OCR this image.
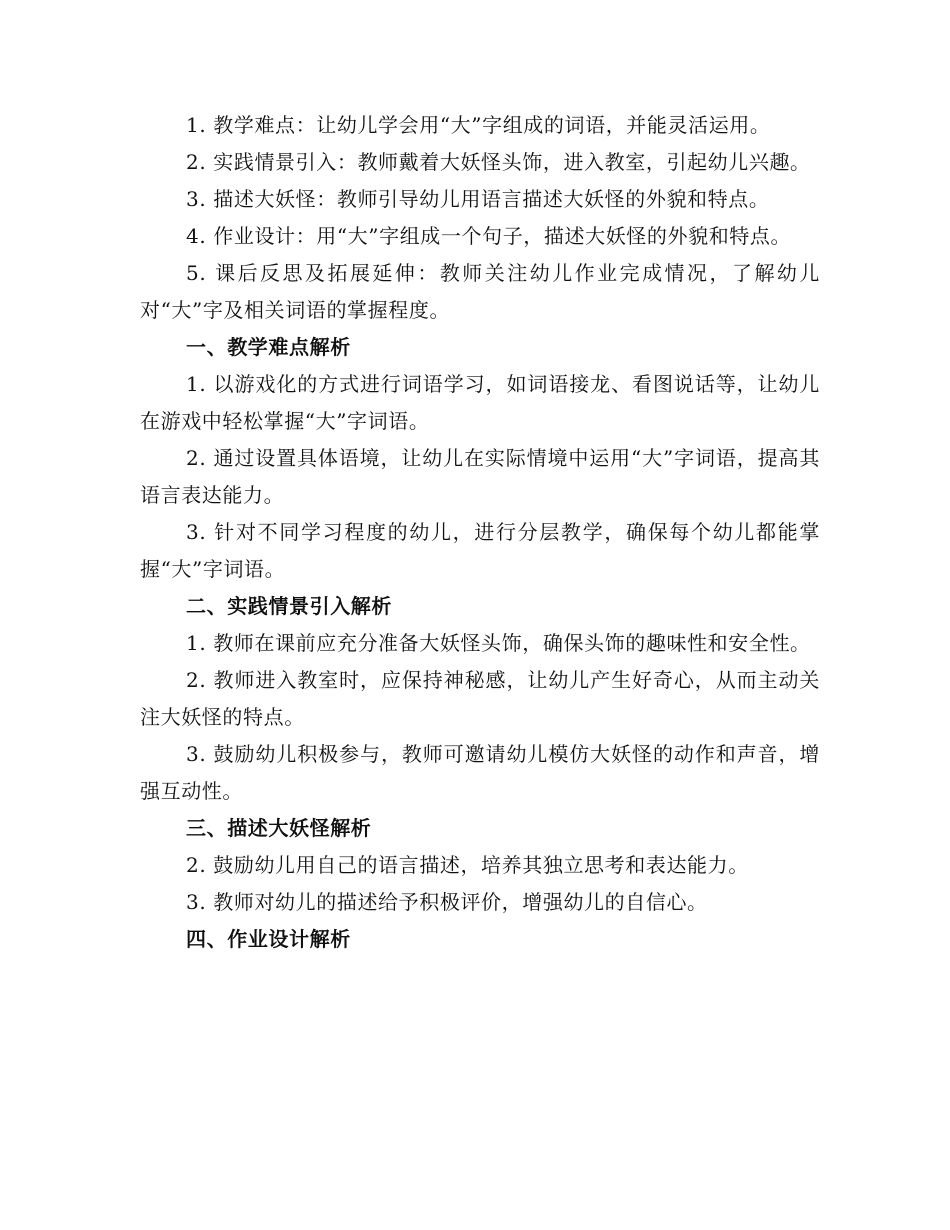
1. 教学难点：让幼儿学会用“大”字组成的词语，并能灵活运用。

2. 实践情景引入：教师戴着大妖怪头饰，进入教室，引起幼儿兴趣。

3. 描述大妖怪：教师引导幼儿用语言描述大妖怪的外貌和特点。

4. 作业设计：用“大”字组成一个句子，描述大妖怪的外貌和特点。

5. 课后反思及拓展延伸：教师关注幼儿作业完成情况，了解幼儿对“大”字及相关词语的掌握程度。

一、教学难点解析

1. 以游戏化的方式进行词语学习，如词语接龙、看图说话等，让幼儿在游戏中轻松掌握“大”字词语。

2. 通过设置具体语境，让幼儿在实际情境中运用“大”字词语，提高其语言表达能力。

3. 针对不同学习程度的幼儿，进行分层教学，确保每个幼儿都能掌握“大”字词语。

二、实践情景引入解析

1. 教师在课前应充分准备大妖怪头饰，确保头饰的趣味性和安全性。

2. 教师进入教室时，应保持神秘感，让幼儿产生好奇心，从而主动关注大妖怪的特点。

3. 鼓励幼儿积极参与，教师可邀请幼儿模仿大妖怪的动作和声音，增强互动性。

三、描述大妖怪解析

2. 鼓励幼儿用自己的语言描述，培养其独立思考和表达能力。

3. 教师对幼儿的描述给予积极评价，增强幼儿的自信心。

四、作业设计解析
